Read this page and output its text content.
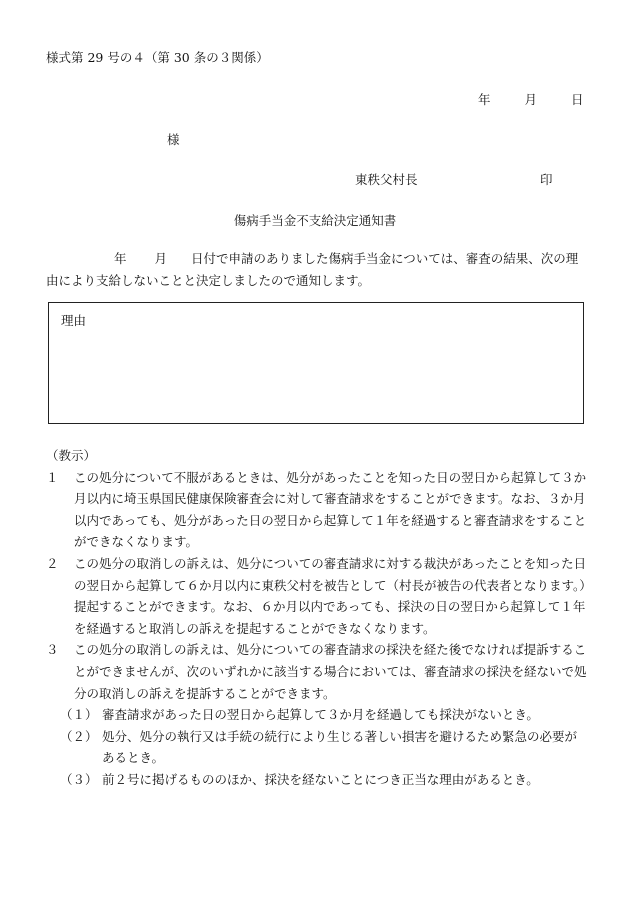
様式第 29 号の４（第 30 条の３関係）
年	月	日
様
東秩父村長	印
傷病手当金不支給決定通知書
年 月 日付で申請のありました傷病手当金については、審査の結果、次の理由により支給しないことと決定しましたので通知します。
理由
（教示）
１	この処分について不服があるときは、処分があったことを知った日の翌日から起算して３か月以内に埼玉県国民健康保険審査会に対して審査請求をすることができます。なお、３か月以内であっても、処分があった日の翌日から起算して１年を経過すると審査請求をすることができなくなります。
２	この処分の取消しの訴えは、処分についての審査請求に対する裁決があったことを知った日の翌日から起算して６か月以内に東秩父村を被告として（村長が被告の代表者となります。）提起することができます。なお、６か月以内であっても、採決の日の翌日から起算して１年を経過すると取消しの訴えを提起することができなくなります。
３	この処分の取消しの訴えは、処分についての審査請求の採決を経た後でなければ提訴することができませんが、次のいずれかに該当する場合においては、審査請求の採決を経ないで処分の取消しの訴えを提訴することができます。
（１） 審査請求があった日の翌日から起算して３か月を経過しても採決がないとき。
（２） 処分、処分の執行又は手続の続行により生じる著しい損害を避けるため緊急の必要があるとき。
（３） 前２号に掲げるもののほか、採決を経ないことにつき正当な理由があるとき。
